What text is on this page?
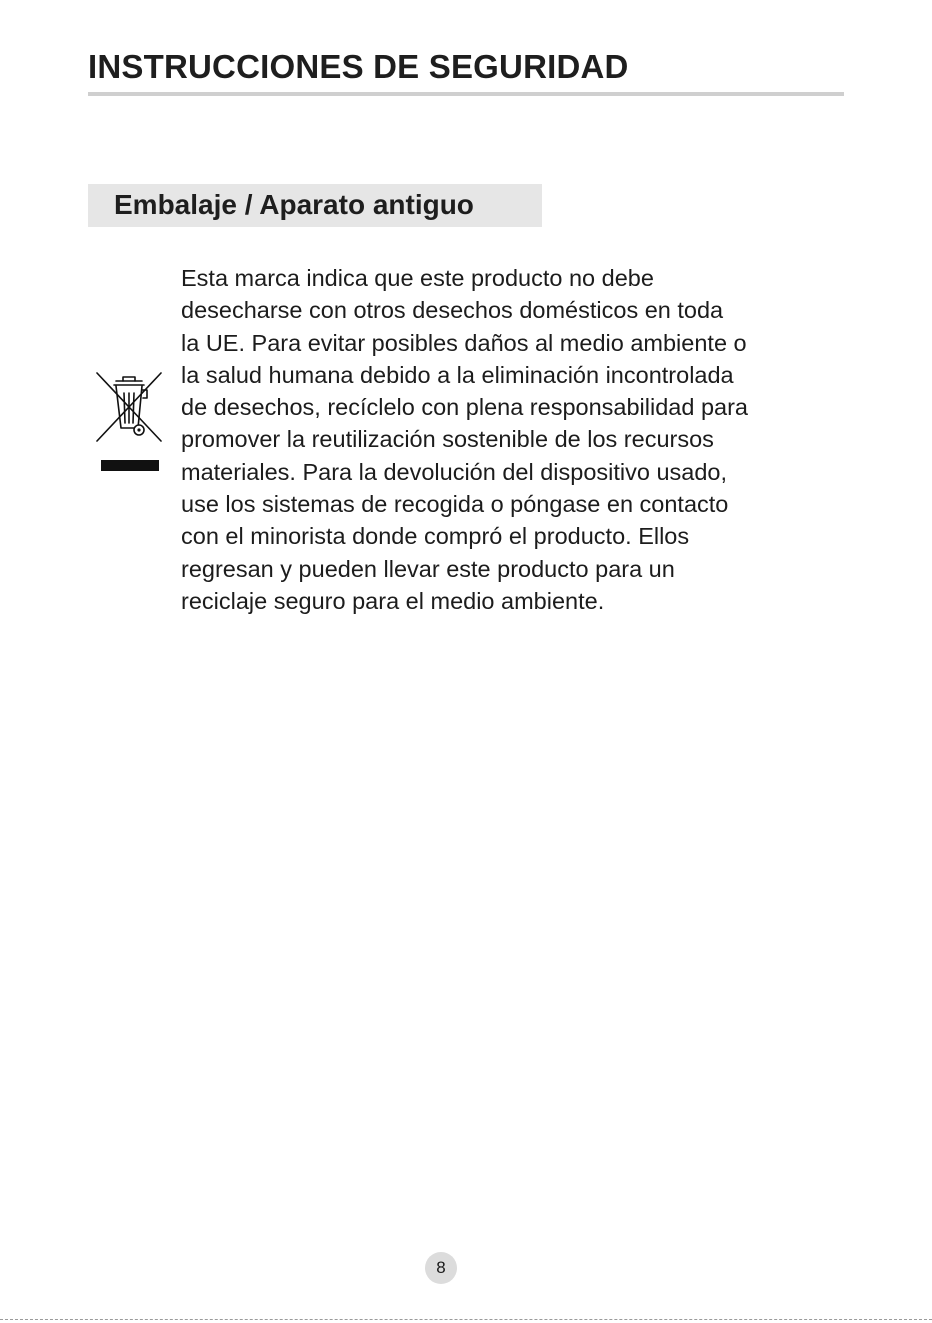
INSTRUCCIONES DE SEGURIDAD
Embalaje / Aparato antiguo
Esta marca indica que este producto no debe
desecharse con otros desechos domésticos en toda
la UE. Para evitar posibles daños al medio ambiente o
la salud humana debido a la eliminación incontrolada
de desechos, recíclelo con plena responsabilidad para
promover la reutilización sostenible de los recursos
materiales. Para la devolución del dispositivo usado,
use los sistemas de recogida o póngase en contacto
con el minorista donde compró el producto. Ellos
regresan y pueden llevar este producto para un
reciclaje seguro para el medio ambiente.
8
